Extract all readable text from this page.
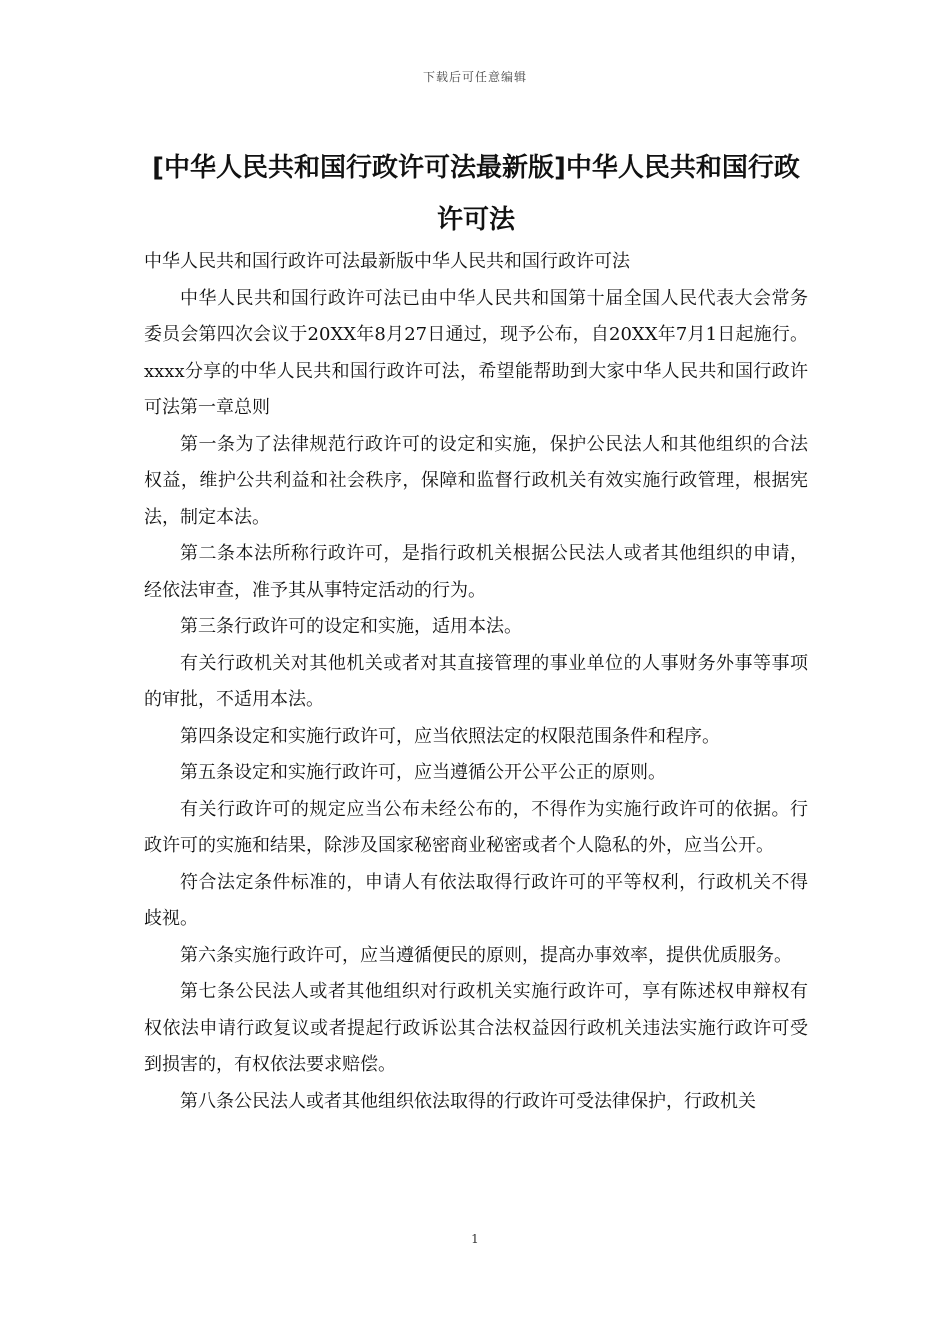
下载后可任意编辑
[中华人民共和国行政许可法最新版]中华人民共和国行政许可法

中华人民共和国行政许可法最新版中华人民共和国行政许可法

中华人民共和国行政许可法已由中华人民共和国第十届全国人民代表大会常务委员会第四次会议于20XX年8月27日通过，现予公布，自20XX年7月1日起施行。xxxx分享的中华人民共和国行政许可法，希望能帮助到大家中华人民共和国行政许可法第一章总则

第一条为了法律规范行政许可的设定和实施，保护公民法人和其他组织的合法权益，维护公共利益和社会秩序，保障和监督行政机关有效实施行政管理，根据宪法，制定本法。

第二条本法所称行政许可，是指行政机关根据公民法人或者其他组织的申请，经依法审查，准予其从事特定活动的行为。

第三条行政许可的设定和实施，适用本法。

有关行政机关对其他机关或者对其直接管理的事业单位的人事财务外事等事项的审批，不适用本法。

第四条设定和实施行政许可，应当依照法定的权限范围条件和程序。

第五条设定和实施行政许可，应当遵循公开公平公正的原则。

有关行政许可的规定应当公布未经公布的，不得作为实施行政许可的依据。行政许可的实施和结果，除涉及国家秘密商业秘密或者个人隐私的外，应当公开。

符合法定条件标准的，申请人有依法取得行政许可的平等权利，行政机关不得歧视。

第六条实施行政许可，应当遵循便民的原则，提高办事效率，提供优质服务。

第七条公民法人或者其他组织对行政机关实施行政许可，享有陈述权申辩权有权依法申请行政复议或者提起行政诉讼其合法权益因行政机关违法实施行政许可受到损害的，有权依法要求赔偿。

第八条公民法人或者其他组织依法取得的行政许可受法律保护，行政机关

1
